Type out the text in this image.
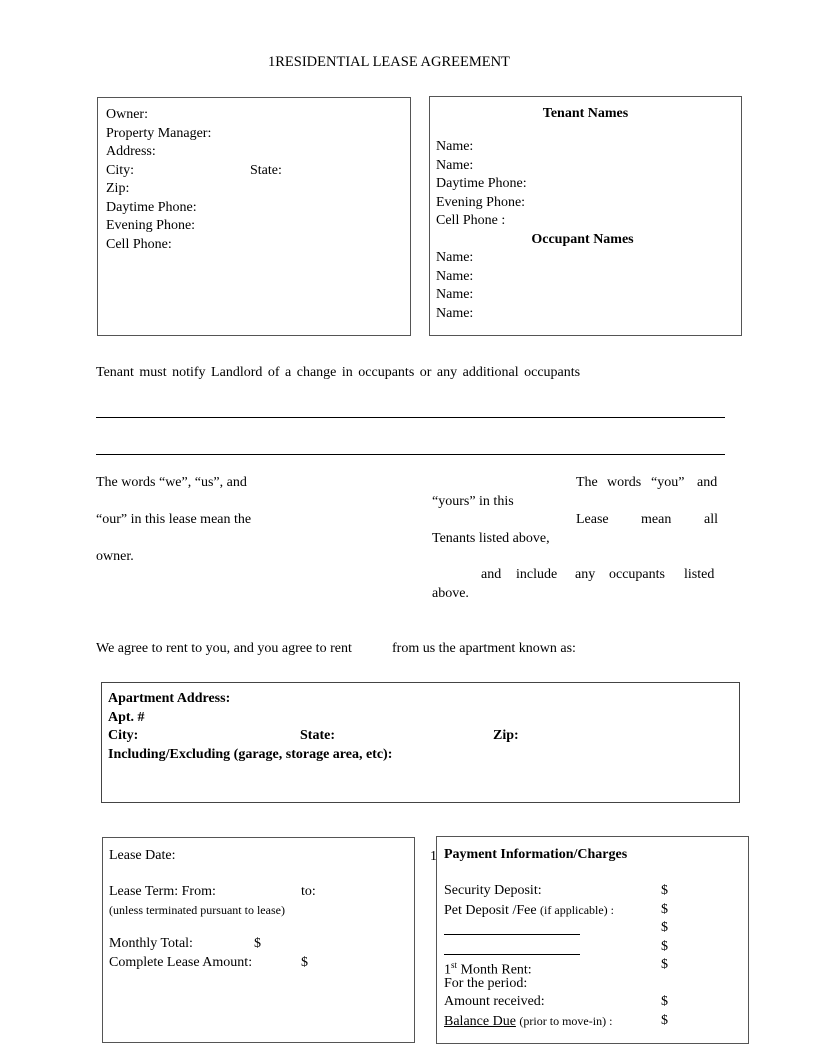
1RESIDENTIAL LEASE AGREEMENT
Owner:
Property Manager:
Address:
City:	State:
Zip:
Daytime Phone:
Evening Phone:
Cell Phone:
Tenant Names
Name:
Name:
Daytime Phone:
Evening Phone:
Cell Phone :
Occupant Names
Name:
Name:
Name:
Name:
Tenant must notify Landlord of a change in occupants or any additional occupants
The words “we”, “us”, and
“our” in this lease mean the
owner.
The words “you” and
“yours” in this
Lease mean all
Tenants listed above,
and include any occupants listed
above.
We agree to rent to you, and you agree to rent	from us the apartment known as:
Apartment Address:
Apt. #
City:	State:	Zip:
Including/Excluding (garage, storage area, etc):
Lease Date:
Lease Term: From:	to:
(unless terminated pursuant to lease)
Monthly Total:	$
Complete Lease Amount:	$
1 Payment Information/Charges
Security Deposit:	$
Pet Deposit /Fee (if applicable) :	$
$
$
1st Month Rent:	$
For the period:
Amount received:	$
Balance Due (prior to move-in) :	$
